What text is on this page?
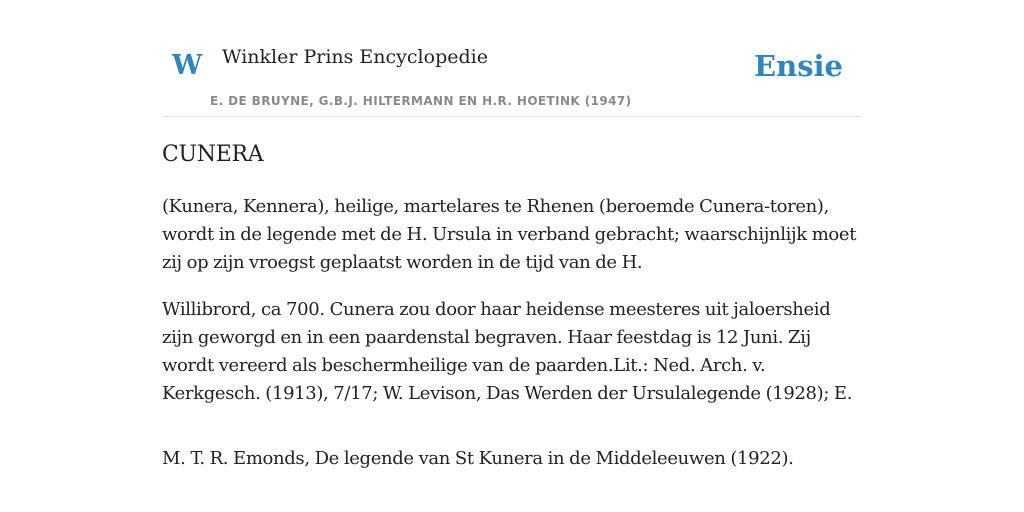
W Winkler Prins Encyclopedie
E. DE BRUYNE, G.B.J. HILTERMANN EN H.R. HOETINK (1947)
Ensie
CUNERA

(Kunera, Kennera), heilige, martelares te Rhenen (beroemde Cunera-toren), wordt in de legende met de H. Ursula in verband gebracht; waarschijnlijk moet zij op zijn vroegst geplaatst worden in de tijd van de H.

Willibrord, ca 700. Cunera zou door haar heidense meesteres uit jaloersheid zijn geworgd en in een paardenstal begraven. Haar feestdag is 12 Juni. Zij wordt vereerd als beschermheilige van de paarden.Lit.: Ned. Arch. v. Kerkgesch. (1913), 7/17; W. Levison, Das Werden der Ursulalegende (1928); E.

M. T. R. Emonds, De legende van St Kunera in de Middeleeuwen (1922).
